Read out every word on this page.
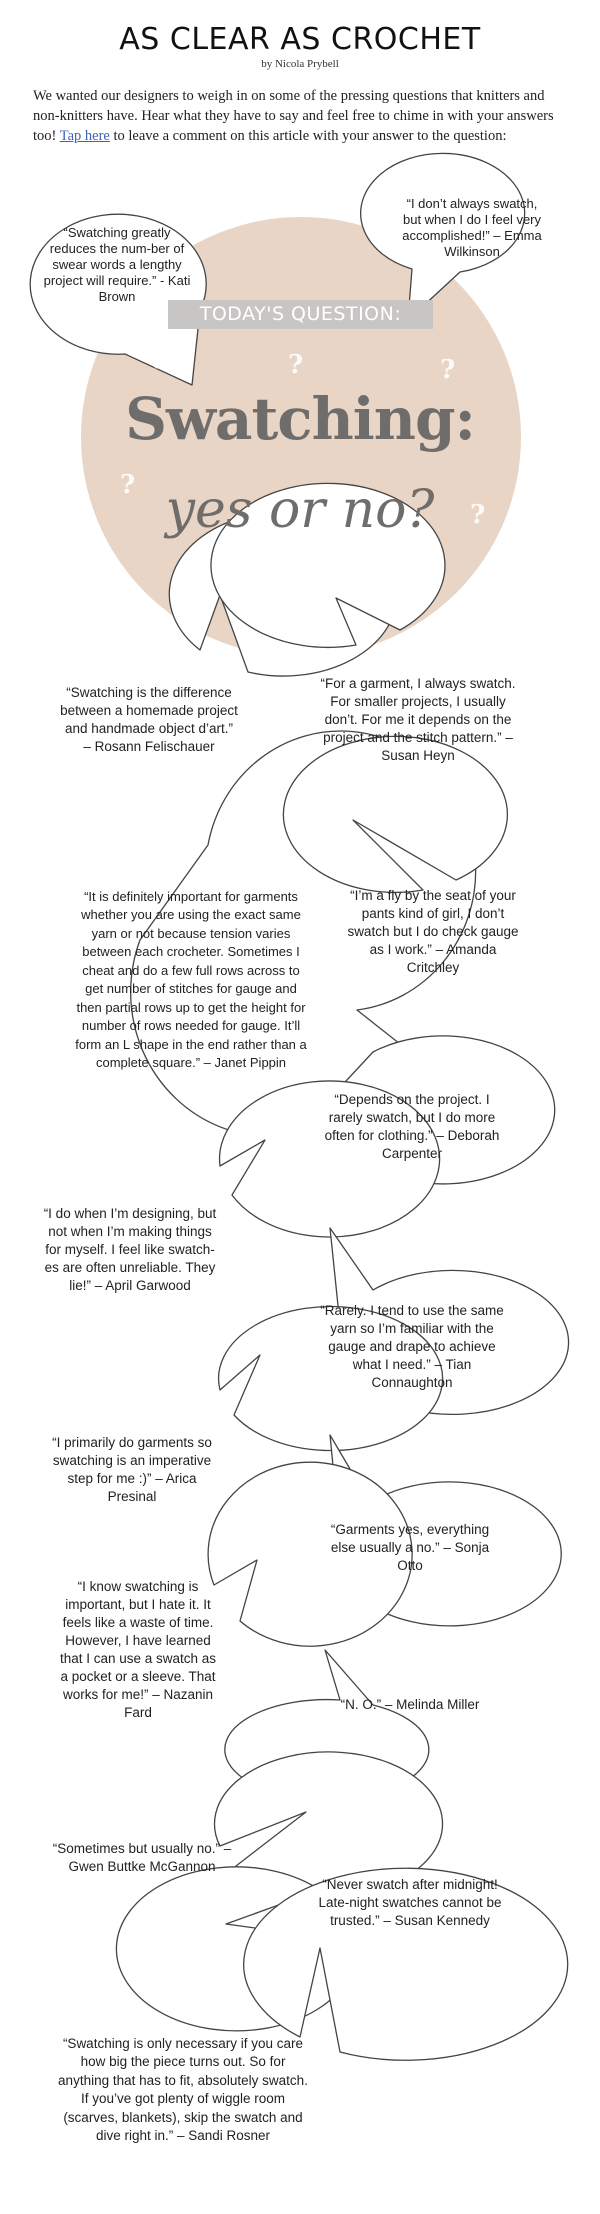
AS CLEAR AS CROCHET
by Nicola Prybell
We wanted our designers to weigh in on some of the pressing questions that knitters and non-knitters have. Hear what they have to say and feel free to chime in with your answers too! Tap here to leave a comment on this article with your answer to the question:
?	?	?
?
?
?
?
TODAY'S QUESTION:
Swatching:
yes or no?
“Swatching greatly reduces the num-ber of swear words a lengthy project will require.” - Kati Brown
“I don’t always swatch, but when I do I feel very accomplished!” – Emma Wilkinson
“Swatching is the difference between a homemade project and handmade object d’art.” – Rosann Felischauer
“For a garment, I always swatch. For smaller projects, I usually don’t. For me it depends on the project and the stitch pattern.” – Susan Heyn
“It is definitely important for garments whether you are using the exact same yarn or not because tension varies between each crocheter. Sometimes I cheat and do a few full rows across to get number of stitches for gauge and then partial rows up to get the height for number of rows needed for gauge. It’ll form an L shape in the end rather than a complete square.” – Janet Pippin
“I’m a fly by the seat of your pants kind of girl, I don’t swatch but I do check gauge as I work.” – Amanda Critchley
“Depends on the project. I rarely swatch, but I do more often for clothing.” – Deborah Carpenter
“I do when I’m designing, but not when I’m making things for myself. I feel like swatch-es are often unreliable. They lie!” – April Garwood
“Rarely. I tend to use the same yarn so I’m familiar with the gauge and drape to achieve what I need.” – Tian Connaughton
“I primarily do garments so swatching is an imperative step for me :)” – Arica Presinal
“Garments yes, everything else usually a no.” – Sonja Otto
“I know swatching is important, but I hate it. It feels like a waste of time. However, I have learned that I can use a swatch as a pocket or a sleeve. That works for me!” – Nazanin Fard
“N. O.” – Melinda Miller
“Sometimes but usually no.” – Gwen Buttke McGannon
“Never swatch after midnight! Late-night swatches cannot be trusted.” – Susan Kennedy
“Swatching is only necessary if you care how big the piece turns out. So for anything that has to fit, absolutely swatch. If you’ve got plenty of wiggle room (scarves, blankets), skip the swatch and dive right in.” – Sandi Rosner
